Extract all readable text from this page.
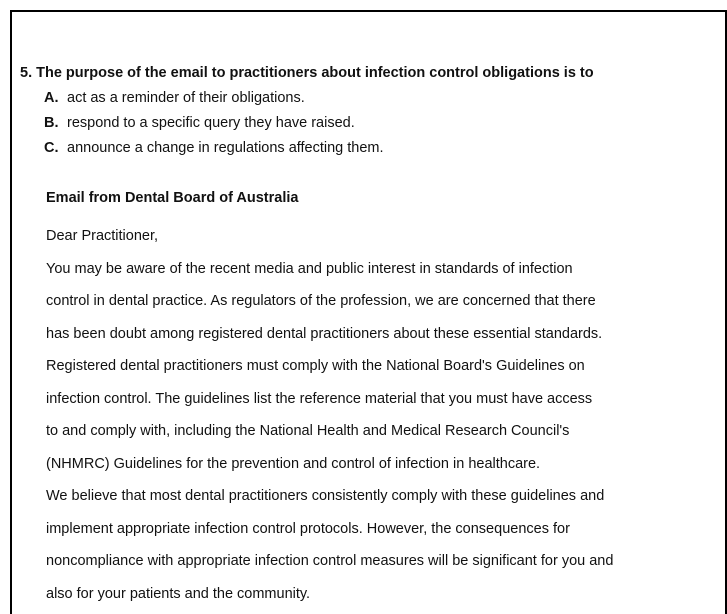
5. The purpose of the email to practitioners about infection control obligations is to
A. act as a reminder of their obligations.
B. respond to a specific query they have raised.
C. announce a change in regulations affecting them.
Email from Dental Board of Australia
Dear Practitioner,
You may be aware of the recent media and public interest in standards of infection
control in dental practice. As regulators of the profession, we are concerned that there
has been doubt among registered dental practitioners about these essential standards.
Registered dental practitioners must comply with the National Board's Guidelines on
infection control. The guidelines list the reference material that you must have access
to and comply with, including the National Health and Medical Research Council's
(NHMRC) Guidelines for the prevention and control of infection in healthcare.
We believe that most dental practitioners consistently comply with these guidelines and
implement appropriate infection control protocols. However, the consequences for
noncompliance with appropriate infection control measures will be significant for you and
also for your patients and the community.
